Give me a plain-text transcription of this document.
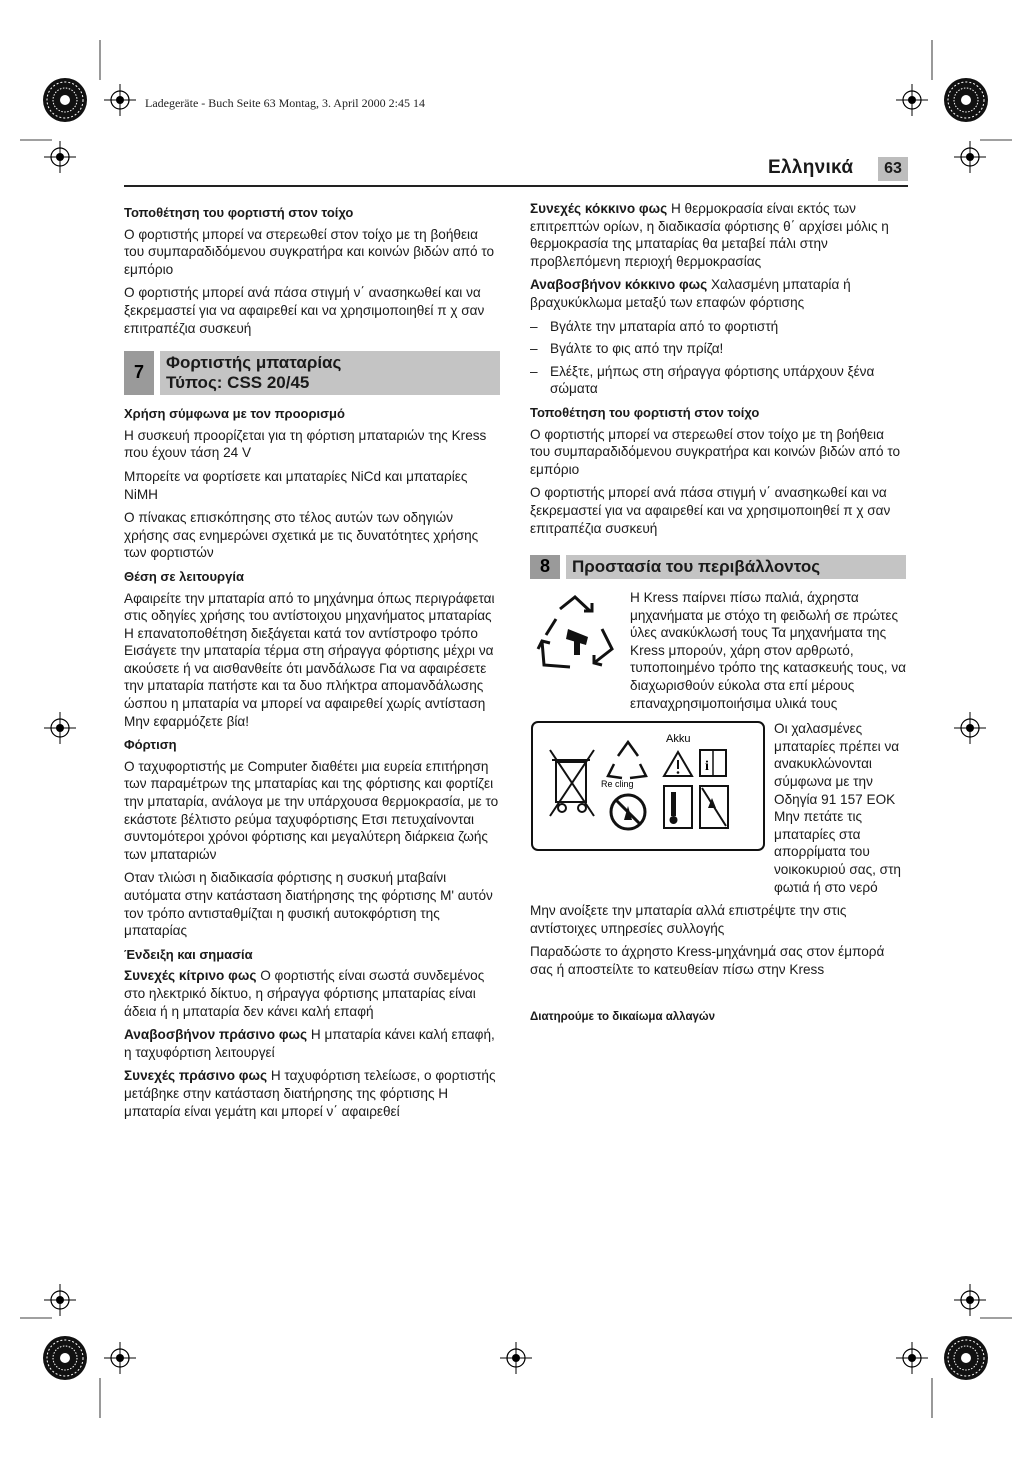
Ladegeräte - Buch Seite 63 Montag, 3. April 2000 2:45 14
Ελληνικά	63
Τοποθέτηση του φορτιστή στον τοίχο

Ο φορτιστής μπορεί να στερεωθεί στον τοίχο με τη βοήθεια του συμπαραδιδόμενου συγκρατήρα και κοινών βιδών από το εμπόριο

Ο φορτιστής μπορεί ανά πάσα στιγμή ν΄ ανασηκωθεί και να ξεκρεμαστεί για να αφαιρεθεί και να χρησιμοποιηθεί π χ σαν επιτραπέζια συσκευή

7	Φορτιστής μπαταρίας
Τύπος: CSS 20/45
Χρήση σύμφωνα με τον προορισμό

Η συσκευή προορίζεται για τη φόρτιση μπαταριών της Kress που έχουν τάση 24 V

Μπορείτε να φορτίσετε και μπαταρίες NiCd και μπαταρίες NiMH

Ο πίνακας επισκόπησης στο τέλος αυτών των οδηγιών χρήσης σας ενημερώνει σχετικά με τις δυνατότητες χρήσης των φορτιστών

Θέση σε λειτουργία

Αφαιρείτε την μπαταρία από το μηχάνημα όπως περιγράφεται στις οδηγίες χρήσης του αντίστοιχου μηχανήματος μπαταρίας Η επανατοποθέτηση διεξάγεται κατά τον αντίστροφο τρόπο Εισάγετε την μπαταρία τέρμα στη σήραγγα φόρτισης μέχρι να ακούσετε ή να αισθανθείτε ότι μανδάλωσε Για να αφαιρέσετε την μπαταρία πατήστε και τα δυο πλήκτρα απομανδάλωσης ώσπου η μπαταρία να μπορεί να αφαιρεθεί χωρίς αντίσταση Μην εφαρμόζετε βία!

Φόρτιση

Ο ταχυφορτιστής με Computer διαθέτει μια ευρεία επιτήρηση των παραμέτρων της μπαταρίας και της φόρτισης και φορτίζει την μπαταρία, ανάλογα με την υπάρχουσα θερμοκρασία, με το εκάστοτε βέλτιστο ρεύμα ταχυφόρτισης Ετσι πετυχαίνονται συντομότεροι χρόνοι φόρτισης και μεγαλύτερη διάρκεια ζωής των μπαταριών

Οταν τλιώσι η διαδικασία φόρτισης η συσκυή μταβαίνι αυτόματα στην κατάσταση διατήρησης της φόρτισης Μ' αυτόν τον τρόπο αντισταθμίζται η φυσική αυτοκφόρτιση της μπαταρίας

Ένδειξη και σημασία

Συνεχές κίτρινο φως Ο φορτιστής είναι σωστά συνδεμένος στο ηλεκτρικό δίκτυο, η σήραγγα φόρτισης μπαταρίας είναι άδεια ή η μπαταρία δεν κάνει καλή επαφή

Αναβοσβήνον πράσινο φως Η μπαταρία κάνει καλή επαφή, η ταχυφόρτιση λειτουργεί

Συνεχές πράσινο φως Η ταχυφόρτιση τελείωσε, ο φορτιστής μετάβηκε στην κατάσταση διατήρησης της φόρτισης Η μπαταρία είναι γεμάτη και μπορεί ν΄ αφαιρεθεί

Συνεχές κόκκινο φως Η θερμοκρασία είναι εκτός των επιτρεπτών ορίων, η διαδικασία φόρτισης θ΄ αρχίσει μόλις η θερμοκρασία της μπαταρίας θα μεταβεί πάλι στην προβλεπόμενη περιοχή θερμοκρασίας

Αναβοσβήνον κόκκινο φως Χαλασμένη μπαταρία ή βραχυκύκλωμα μεταξύ των επαφών φόρτισης

– Βγάλτε την μπαταρία από το φορτιστή
– Βγάλτε το φις από την πρίζα!
– Ελέξτε, μήπως στη σήραγγα φόρτισης υπάρχουν ξένα σώματα
Τοποθέτηση του φορτιστή στον τοίχο

Ο φορτιστής μπορεί να στερεωθεί στον τοίχο με τη βοήθεια του συμπαραδιδόμενου συγκρατήρα και κοινών βιδών από το εμπόριο

Ο φορτιστής μπορεί ανά πάσα στιγμή ν΄ ανασηκωθεί και να ξεκρεμαστεί για να αφαιρεθεί και να χρησιμοποιηθεί π χ σαν επιτραπέζια συσκευή

8	Προστασία του περιβάλλοντος
Η Kress παίρνει πίσω παλιά, άχρηστα μηχανήματα με στόχο τη φειδωλή σε πρώτες ύλες ανακύκλωσή τους Τα μηχανήματα της Kress μπορούν, χάρη στον αρθρωτό, τυποποιημένο τρόπο της κατασκευής τους, να διαχωρισθούν εύκολα στα επί μέρους επαναχρησιμοποιήσιμα υλικά τους
Re cling
Akku
i
Οι χαλασμένες μπαταρίες πρέπει να ανακυκλώνονται σύμφωνα με την Οδηγία 91 157 ΕΟΚ Μην πετάτε τις μπαταρίες στα απορρίματα του νοικοκυριού σας, στη φωτιά ή στο νερό

Μην ανοίξετε την μπαταρία αλλά επιστρέψτε την στις αντίστοιχες υπηρεσίες συλλογής

Παραδώστε το άχρηστο Kress-μηχάνημά σας στον έμπορά σας ή αποστείλτε το κατευθείαν πίσω στην Kress

Διατηρούμε το δικαίωμα αλλαγών
